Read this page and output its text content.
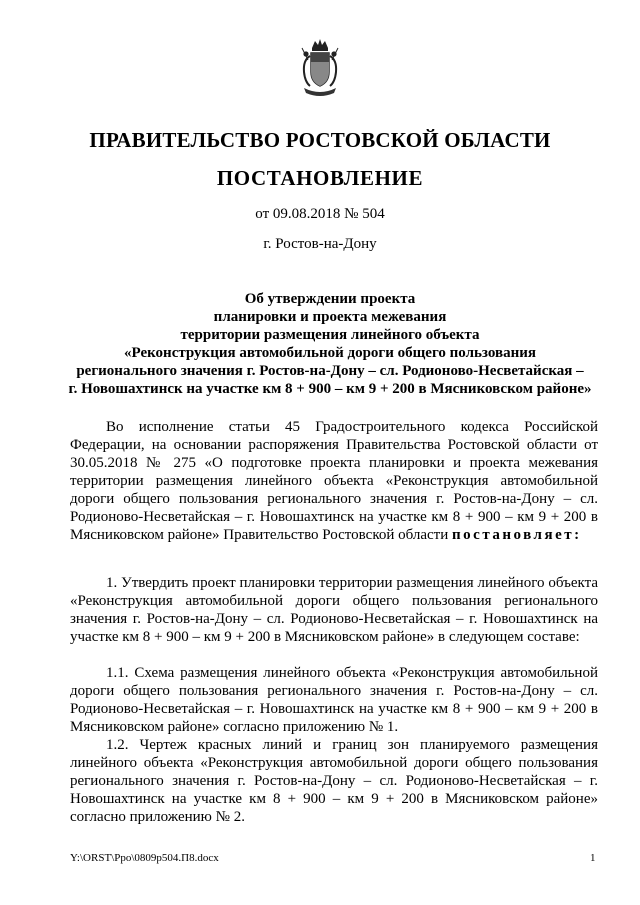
ПРАВИТЕЛЬСТВО РОСТОВСКОЙ ОБЛАСТИ
ПОСТАНОВЛЕНИЕ
от 09.08.2018 № 504
г. Ростов-на-Дону
Об утверждении проекта
планировки и проекта межевания
территории размещения линейного объекта
«Реконструкция автомобильной дороги общего пользования
регионального значения г. Ростов-на-Дону – сл. Родионово-Несветайская –
г. Новошахтинск на участке км 8 + 900 – км 9 + 200 в Мясниковском районе»
Во исполнение статьи 45 Градостроительного кодекса Российской Федерации, на основании распоряжения Правительства Ростовской области от 30.05.2018 № 275 «О подготовке проекта планировки и проекта межевания территории размещения линейного объекта «Реконструкция автомобильной дороги общего пользования регионального значения г. Ростов-на-Дону – сл. Родионово-Несветайская – г. Новошахтинск на участке км 8 + 900 – км 9 + 200 в Мясниковском районе» Правительство Ростовской области постановляет:
1. Утвердить проект планировки территории размещения линейного объекта «Реконструкция автомобильной дороги общего пользования регионального значения г. Ростов-на-Дону – сл. Родионово-Несветайская – г. Новошахтинск на участке км 8 + 900 – км 9 + 200 в Мясниковском районе» в следующем составе:
1.1. Схема размещения линейного объекта «Реконструкция автомобильной дороги общего пользования регионального значения г. Ростов-на-Дону – сл. Родионово-Несветайская – г. Новошахтинск на участке км 8 + 900 – км 9 + 200 в Мясниковском районе» согласно приложению № 1.
1.2. Чертеж красных линий и границ зон планируемого размещения линейного объекта «Реконструкция автомобильной дороги общего пользования регионального значения г. Ростов-на-Дону – сл. Родионово-Несветайская – г. Новошахтинск на участке км 8 + 900 – км 9 + 200 в Мясниковском районе» согласно приложению № 2.
Y:\ORST\Ppo\0809p504.П8.docx	1
